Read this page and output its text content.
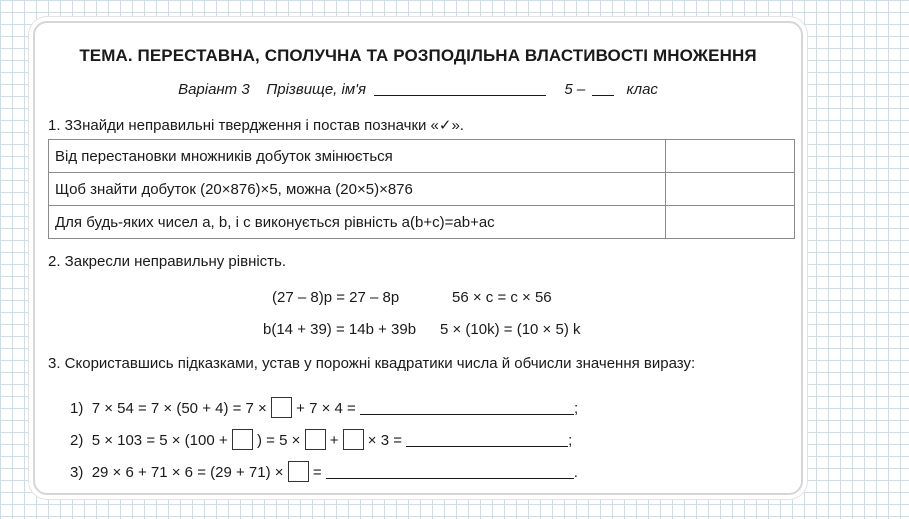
ТЕМА. ПЕРЕСТАВНА, СПОЛУЧНА ТА РОЗПОДІЛЬНА ВЛАСТИВОСТІ МНОЖЕННЯ
Варіант 3 Прізвище, ім'я	5 –	клас
1. 3Знайди неправильні твердження і постав позначки «✓».
Від перестановки множників добуток змінюється	
Щоб знайти добуток (20×876)×5, можна (20×5)×876	
Для будь-яких чисел a, b, і c виконується рівність a(b+c)=ab+ac	
2. Закресли неправильну рівність.
(27 – 8)p = 27 – 8p	56 × c = c × 56
b(14 + 39) = 14b + 39b 5 × (10k) = (10 × 5) k
3. Скориставшись підказками, устав у порожні квадратики числа й обчисли значення виразу:
1) 7 × 54 = 7 × (50 + 4) = 7 × + 7 × 4 =	;
2) 5 × 103 = 5 × (100 + ) = 5 × + × 3 =	;
3) 29 × 6 + 71 × 6 = (29 + 71) × =	.
